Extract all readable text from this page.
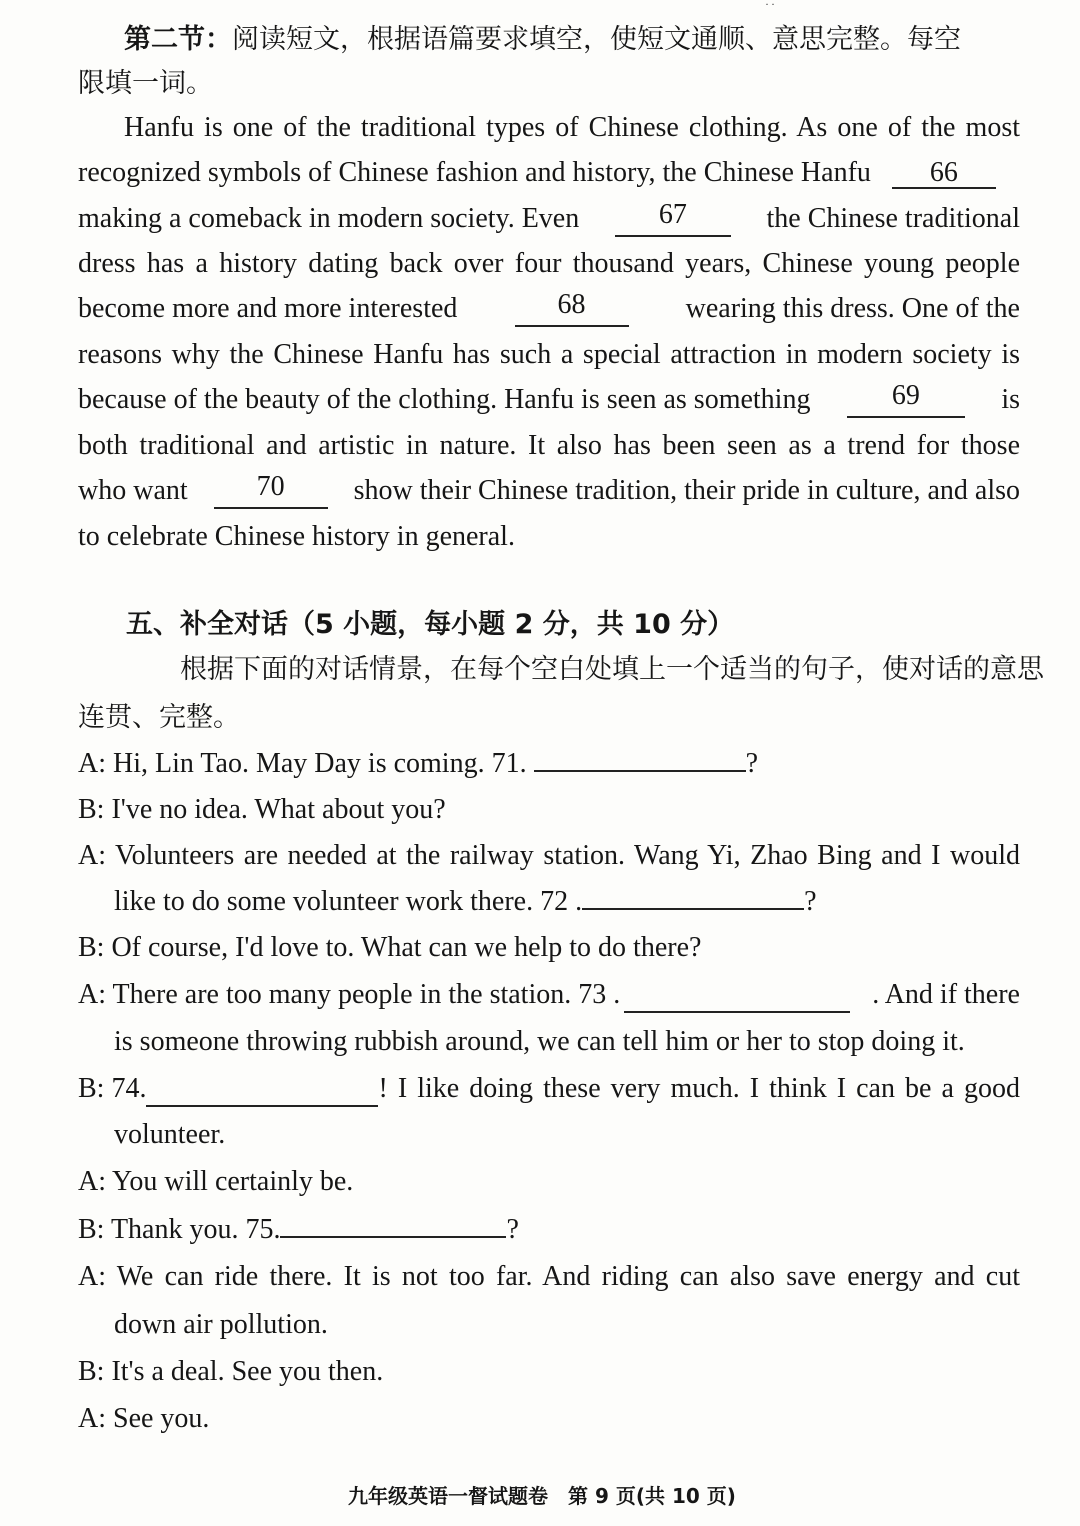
˙˙
第二节：阅读短文，根据语篇要求填空，使短文通顺、意思完整。每空
限填一词。
Hanfu is one of the traditional types of Chinese clothing. As one of the most
recognized symbols of Chinese fashion and history, the Chinese Hanfu 66
making a comeback in modern society. Even	67	the Chinese traditional
dress has a history dating back over four thousand years, Chinese young people
become more and more interested	68	wearing this dress. One of the
reasons why the Chinese Hanfu has such a special attraction in modern society is
because of the beauty of the clothing. Hanfu is seen as something	69	is
both traditional and artistic in nature. It also has been seen as a trend for those
who want	70	show their Chinese tradition, their pride in culture, and also
to celebrate Chinese history in general.
五、补全对话（5 小题，每小题 2 分，共 10 分）
根据下面的对话情景，在每个空白处填上一个适当的句子，使对话的意思
连贯、完整。
A: Hi, Lin Tao. May Day is coming. 71.	?
B: I've no idea. What about you?
A: Volunteers are needed at the railway station. Wang Yi, Zhao Bing and I would
like to do some volunteer work there. 72 .	?
B: Of course, I'd love to. What can we help to do there?
A: There are too many people in the station. 73 .	. And if there
is someone throwing rubbish around, we can tell him or her to stop doing it.
B: 74.	! I like doing these very much. I think I can be a good
volunteer.
A: You will certainly be.
B: Thank you. 75.	?
A: We can ride there. It is not too far. And riding can also save energy and cut
down air pollution.
B: It's a deal. See you then.
A: See you.
九年级英语一督试题卷　第 9 页(共 10 页)
